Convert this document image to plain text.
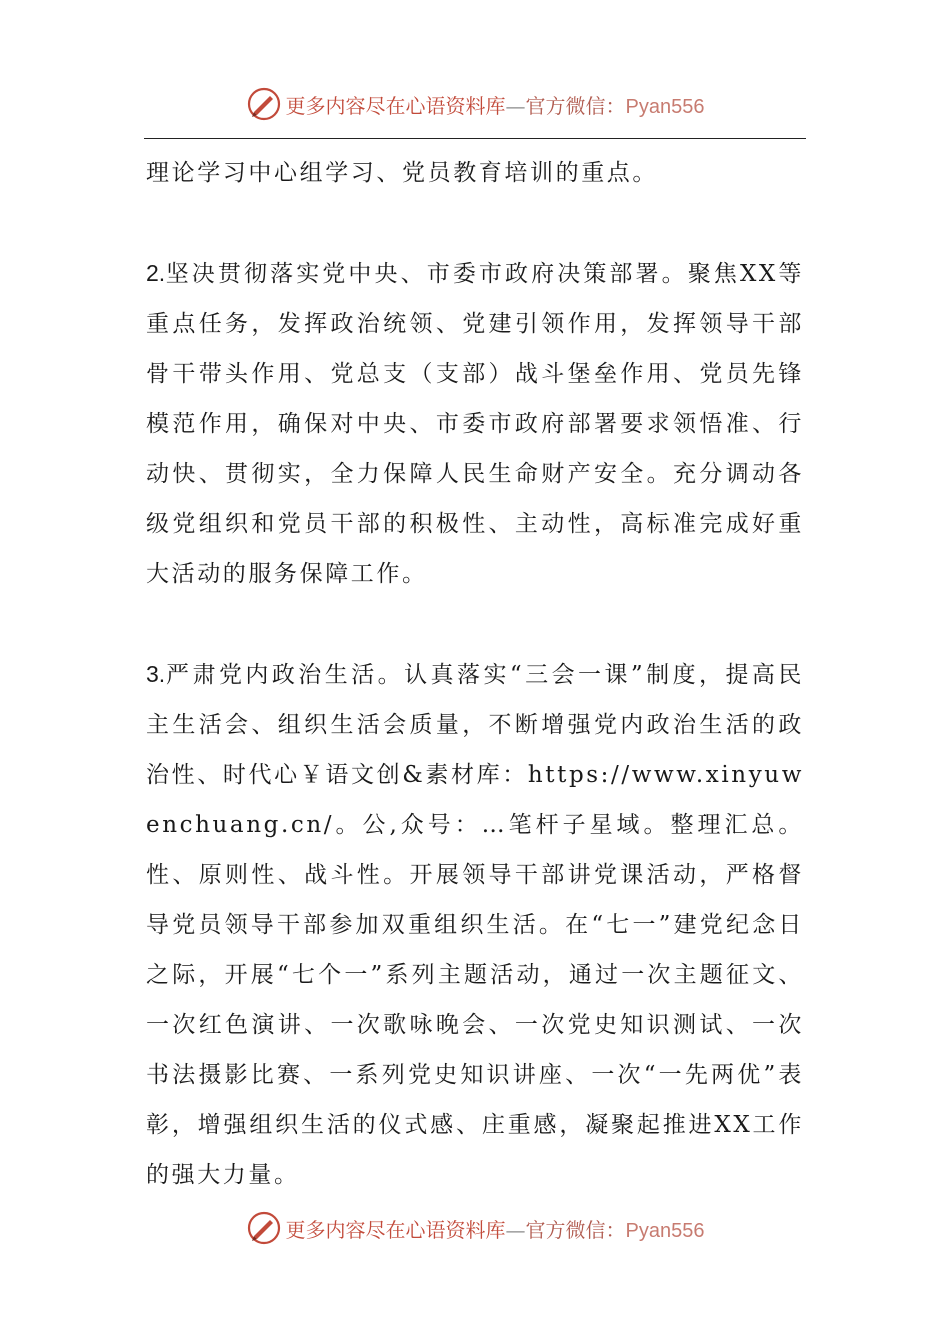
更多内容尽在心语资料库—官方微信：Pyan556

理论学习中心组学习、党员教育培训的重点。

2.坚决贯彻落实党中央、市委市政府决策部署。聚焦XX等重点任务，发挥政治统领、党建引领作用，发挥领导干部骨干带头作用、党总支（支部）战斗堡垒作用、党员先锋模范作用，确保对中央、市委市政府部署要求领悟准、行动快、贯彻实，全力保障人民生命财产安全。充分调动各级党组织和党员干部的积极性、主动性，高标准完成好重大活动的服务保障工作。

3.严肃党内政治生活。认真落实“三会一课”制度，提高民主生活会、组织生活会质量，不断增强党内政治生活的政治性、时代心￥语文创&素材库：https://www.xinyuwenchuang.cn/。公,众号：…笔杆子星域。整理汇总。性、原则性、战斗性。开展领导干部讲党课活动，严格督导党员领导干部参加双重组织生活。在“七一”建党纪念日之际，开展“七个一”系列主题活动，通过一次主题征文、一次红色演讲、一次歌咏晚会、一次党史知识测试、一次书法摄影比赛、一系列党史知识讲座、一次“一先两优”表彰，增强组织生活的仪式感、庄重感，凝聚起推进XX工作的强大力量。

更多内容尽在心语资料库—官方微信：Pyan556
